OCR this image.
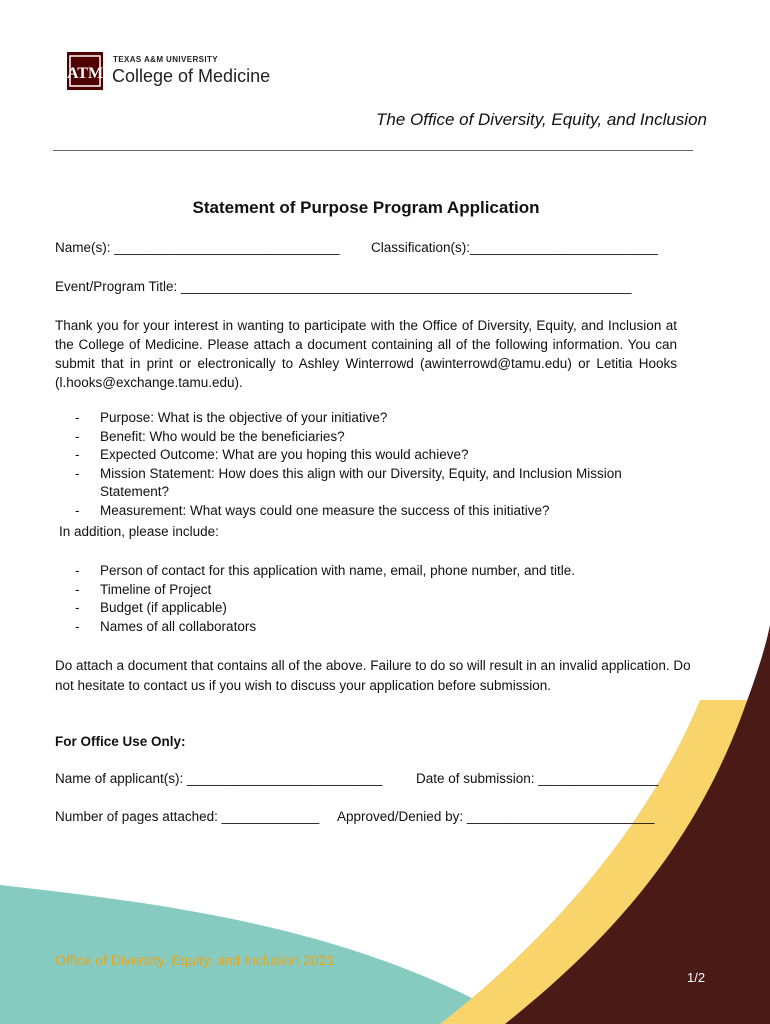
ATM
TEXAS A&M UNIVERSITY
College of Medicine
The Office of Diversity, Equity, and Inclusion
Statement of Purpose Program Application
Name(s): ______________________________ Classification(s):_________________________
Event/Program Title: ____________________________________________________________
Thank you for your interest in wanting to participate with the Office of Diversity, Equity, and Inclusion at the College of Medicine. Please attach a document containing all of the following information. You can submit that in print or electronically to Ashley Winterrowd (awinterrowd@tamu.edu) or Letitia Hooks (l.hooks@exchange.tamu.edu).
- Purpose: What is the objective of your initiative?
- Benefit: Who would be the beneficiaries?
- Expected Outcome: What are you hoping this would achieve?
- Mission Statement: How does this align with our Diversity, Equity, and Inclusion Mission Statement?
- Measurement: What ways could one measure the success of this initiative?
In addition, please include:
- Person of contact for this application with name, email, phone number, and title.
- Timeline of Project
- Budget (if applicable)
- Names of all collaborators
Do attach a document that contains all of the above. Failure to do so will result in an invalid application. Do not hesitate to contact us if you wish to discuss your application before submission.
For Office Use Only:
Name of applicant(s): __________________________ Date of submission: ________________
Number of pages attached: _____________ Approved/Denied by: _________________________
Office of Diversity, Equity, and Inclusion 2021
1/2
